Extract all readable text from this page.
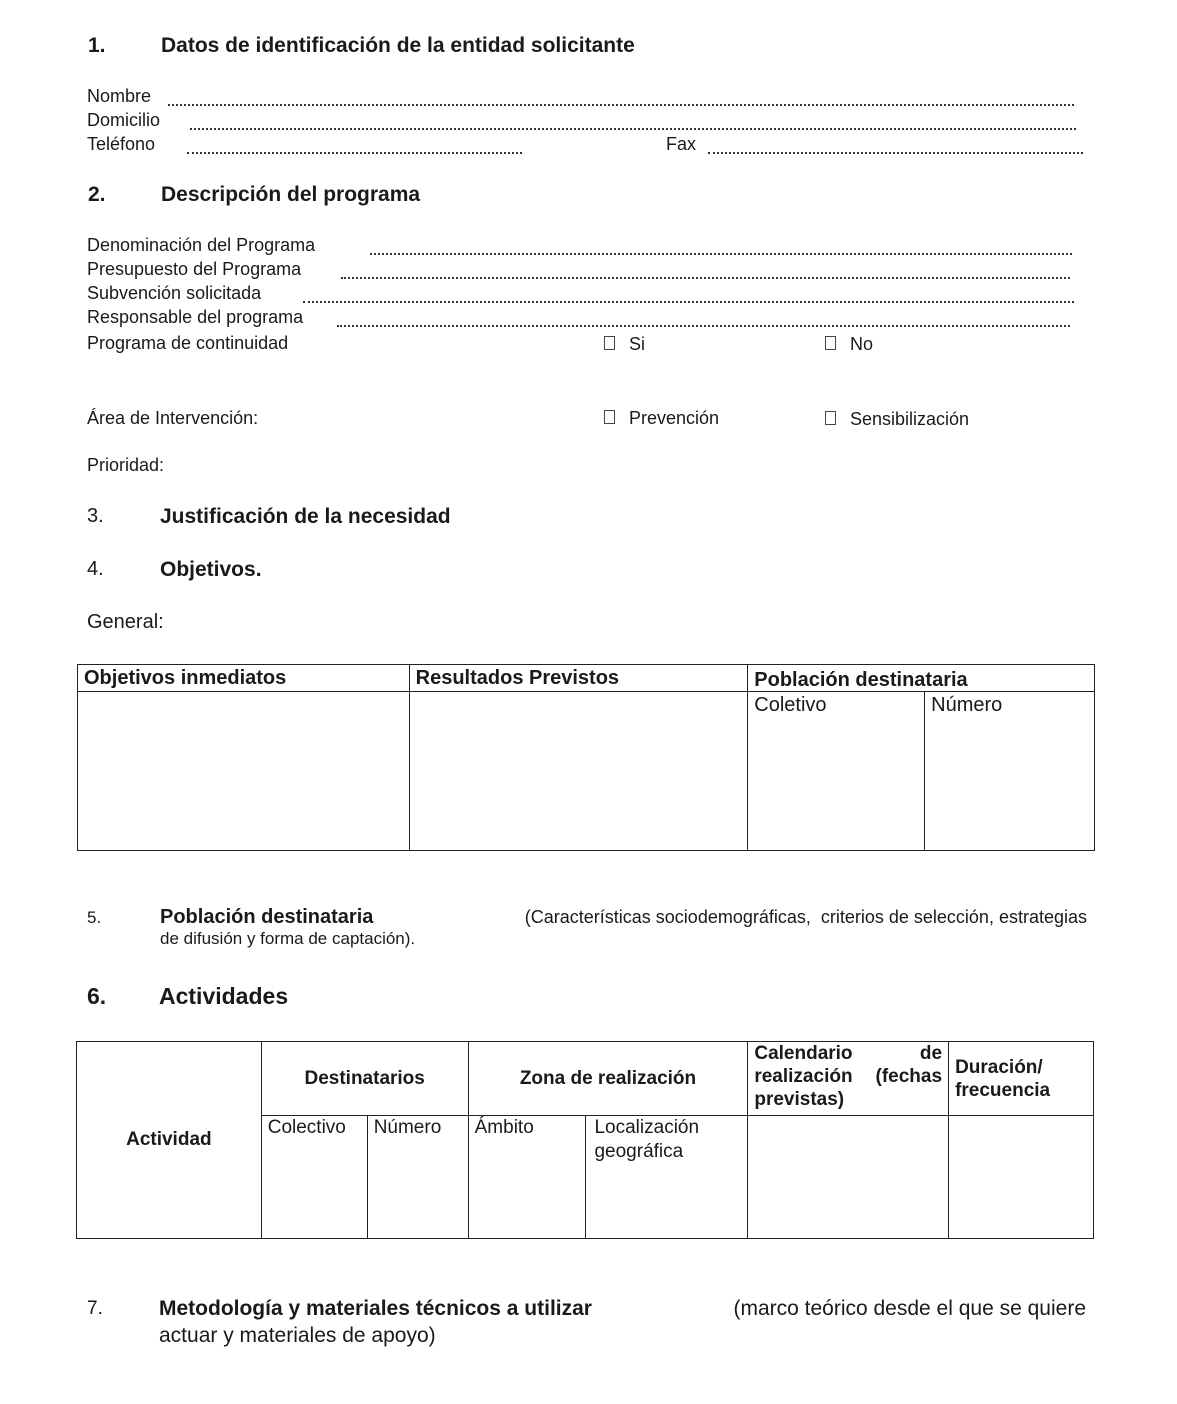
1.	Datos de identificación de la entidad solicitante
Nombre
Domicilio
Teléfono	Fax
2.	Descripción del programa
Denominación del Programa
Presupuesto del Programa
Subvención solicitada
Responsable del programa
Programa de continuidad	Si	No
Área de Intervención:	Prevención	Sensibilización
Prioridad:
3.	Justificación de la necesidad
4.	Objetivos.
General:
Objetivos inmediatos	Resultados Previstos	Población destinataria	
		Coletivo	Número
5.	Población destinataria	(Características sociodemográficas,  criterios de selección, estrategias
de difusión y forma de captación).
6. Actividades
Actividad	Destinatarios		Zona de realización		Calendario de realización (fechas previstas)	Duración/ frecuencia
	Colectivo	Número	Ámbito	Localización geográfica		
7.	Metodología y materiales técnicos a utilizar	(marco teórico desde el que se quiere
actuar y materiales de apoyo)
